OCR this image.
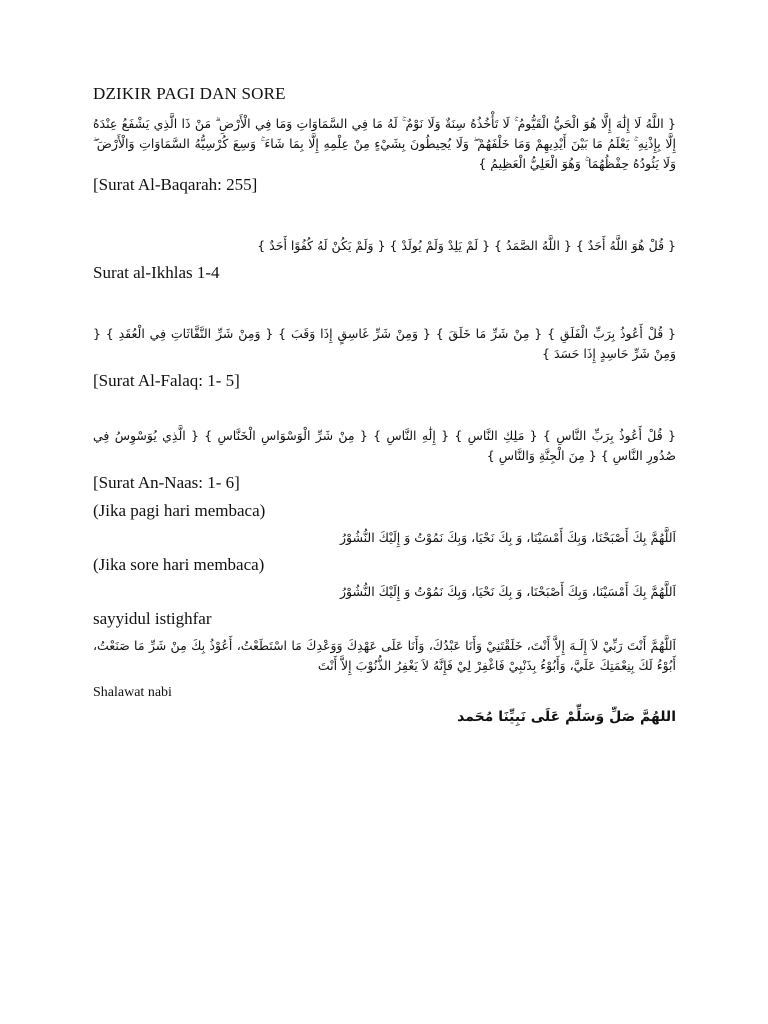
DZIKIR PAGI DAN SORE

{ اللَّهُ لَا إِلَٰهَ إِلَّا هُوَ الْحَيُّ الْقَيُّومُ ۚ لَا تَأْخُذُهُ سِنَةٌ وَلَا نَوْمٌ ۚ لَهُ مَا فِي السَّمَاوَاتِ وَمَا فِي الْأَرْضِ ۗ مَنْ ذَا الَّذِي يَشْفَعُ عِنْدَهُ إِلَّا بِإِذْنِهِ ۚ يَعْلَمُ مَا بَيْنَ أَيْدِيهِمْ وَمَا خَلْفَهُمْ ۖ وَلَا يُحِيطُونَ بِشَيْءٍ مِنْ عِلْمِهِ إِلَّا بِمَا شَاءَ ۚ وَسِعَ كُرْسِيُّهُ السَّمَاوَاتِ وَالْأَرْضَ ۖ وَلَا يَئُودُهُ حِفْظُهُمَا ۚ وَهُوَ الْعَلِيُّ الْعَظِيمُ }

[Surat Al-Baqarah: 255]

{ قُلْ هُوَ اللَّهُ أَحَدٌ } { اللَّهُ الصَّمَدُ } { لَمْ يَلِدْ وَلَمْ يُولَدْ } { وَلَمْ يَكُنْ لَهُ كُفُوًا أَحَدٌ }

Surat al-Ikhlas 1-4

{ قُلْ أَعُوذُ بِرَبِّ الْفَلَقِ } { مِنْ شَرِّ مَا خَلَقَ } { وَمِنْ شَرِّ غَاسِقٍ إِذَا وَقَبَ } { وَمِنْ شَرِّ النَّفَّاثَاتِ فِي الْعُقَدِ } { وَمِنْ شَرِّ حَاسِدٍ إِذَا حَسَدَ }

[Surat Al-Falaq: 1- 5]

{ قُلْ أَعُوذُ بِرَبِّ النَّاسِ } { مَلِكِ النَّاسِ } { إِلَٰهِ النَّاسِ } { مِنْ شَرِّ الْوَسْوَاسِ الْخَنَّاسِ } { الَّذِي يُوَسْوِسُ فِي صُدُورِ النَّاسِ } { مِنَ الْجِنَّةِ وَالنَّاسِ }

[Surat An-Naas: 1- 6]

(Jika pagi hari membaca)

اَللَّهُمَّ بِكَ أَصْبَحْنَا، وَبِكَ أَمْسَيْنَا، وَ بِكَ نَحْيَا، وَبِكَ نَمُوْتُ وَ إِلَيْكَ النُّشُوْرُ

(Jika sore hari membaca)

اَللَّهُمَّ بِكَ أَمْسَيْنَا، وَبِكَ أَصْبَحْنَا، وَ بِكَ نَحْيَا، وَبِكَ نَمُوْتُ وَ إِلَيْكَ النُّشُوْرُ

sayyidul istighfar

اَللَّهُمَّ أَنْتَ رَبِّيْ لاَ إِلَـهَ إِلاَّ أَنْتَ، خَلَقْتَنِيْ وَأَنَا عَبْدُكَ، وَأَنَا عَلَى عَهْدِكَ وَوَعْدِكَ مَا اسْتَطَعْتُ، أَعُوْذُ بِكَ مِنْ شَرِّ مَا صَنَعْتُ، أَبُوْءُ لَكَ بِنِعْمَتِكَ عَلَيَّ، وَأَبُوْءُ بِذَنْبِيْ فَاغْفِرْ لِيْ فَإِنَّهُ لاَ يَغْفِرُ الذُّنُوْبَ إِلاَّ أَنْتَ

Shalawat nabi

اللهُمَّ صَلِّ وَسَلِّمْ عَلَى نَبِيِّنَا مُحَمد
